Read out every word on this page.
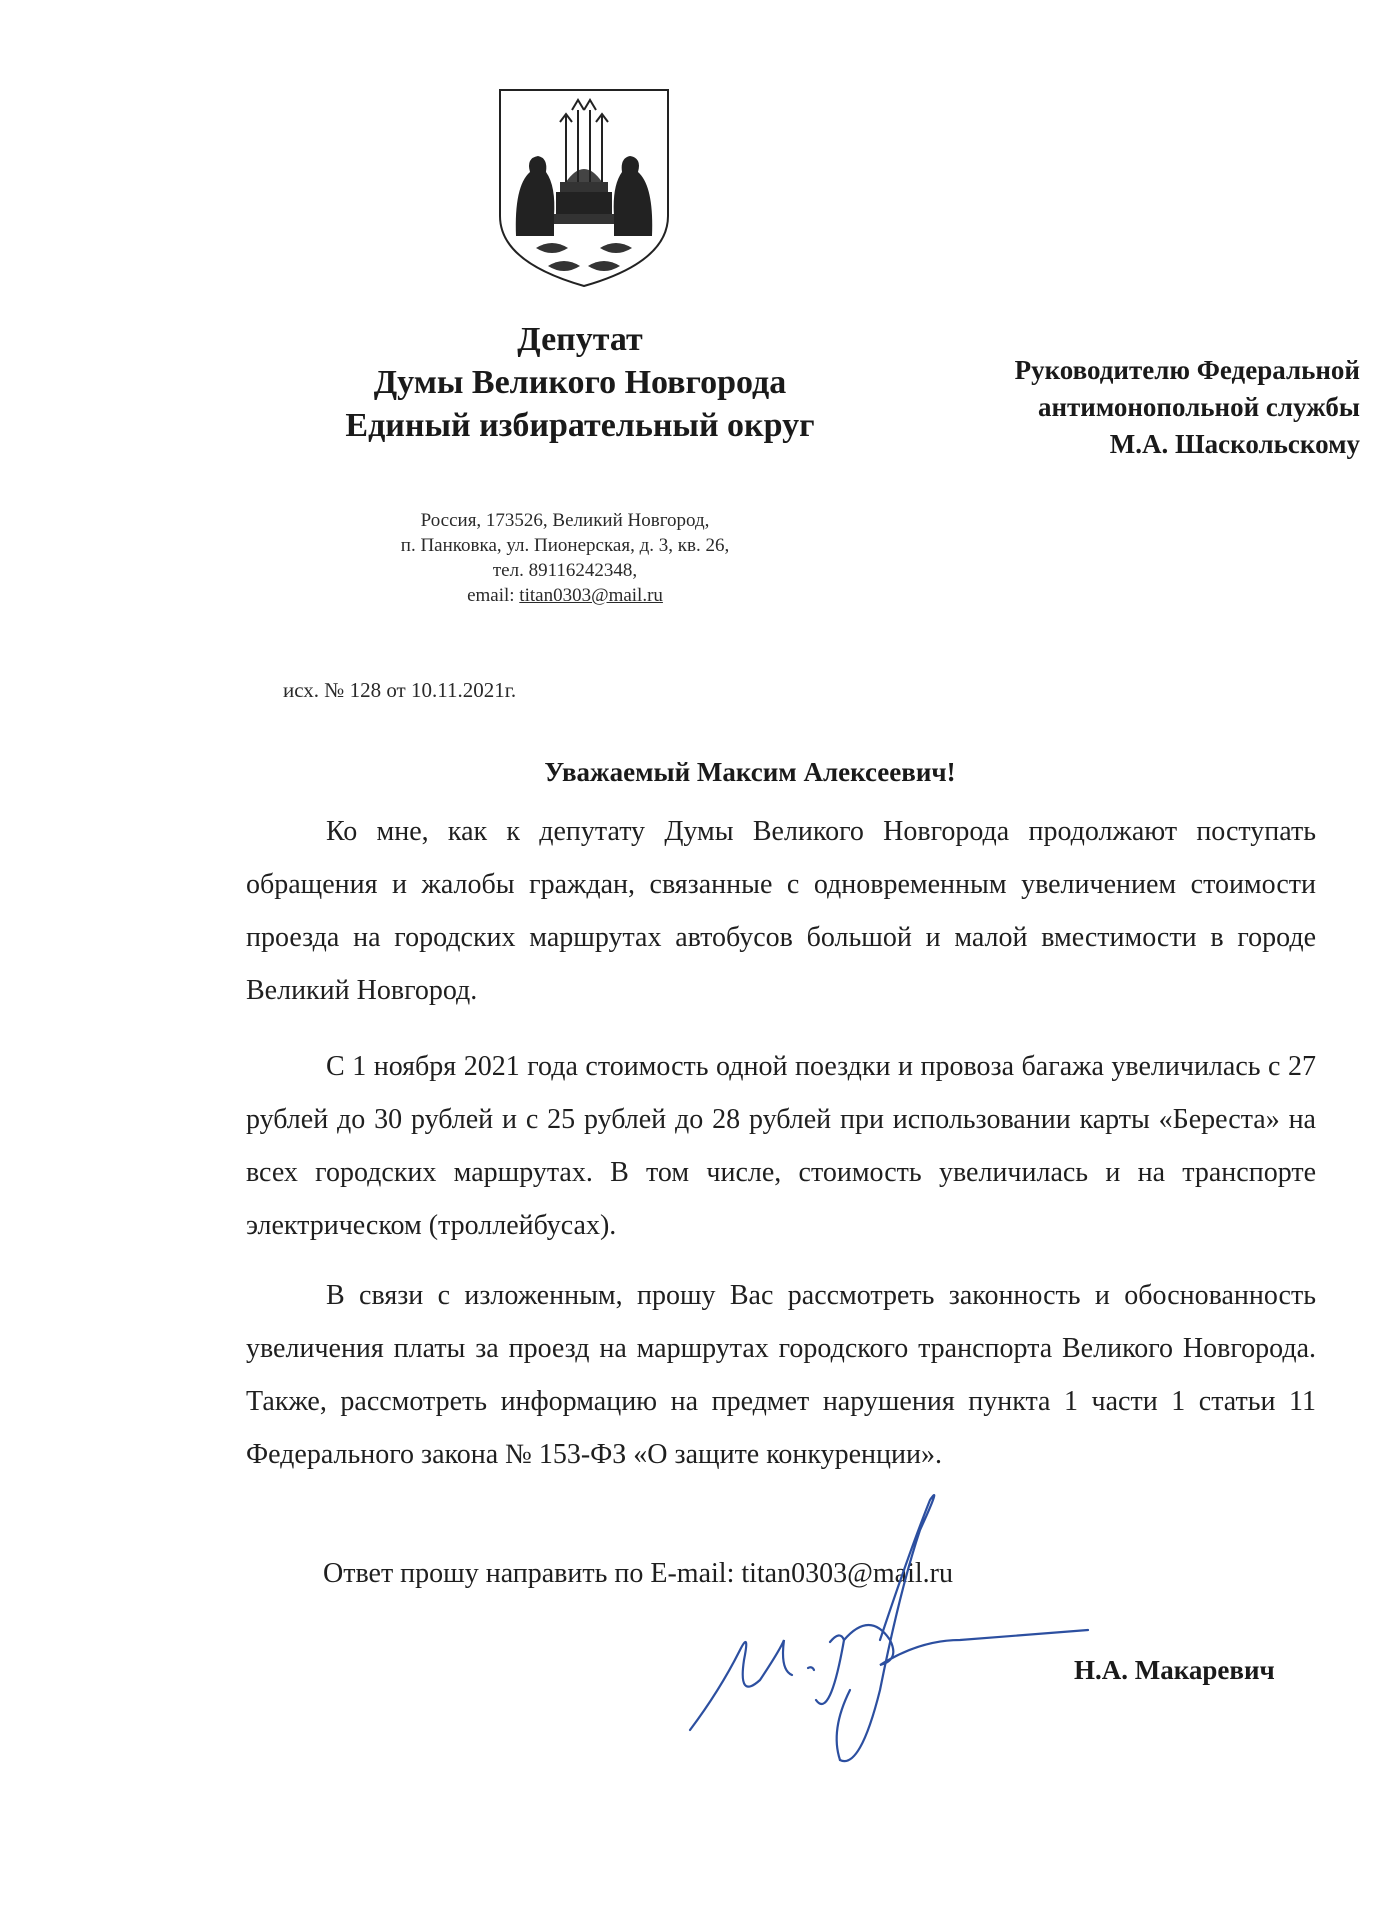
Депутат
Думы Великого Новгорода
Единый избирательный округ
Руководителю Федеральной
антимонопольной службы
М.А. Шаскольскому
Россия, 173526, Великий Новгород,
п. Панковка, ул. Пионерская, д. 3, кв. 26,
тел. 89116242348,
email: titan0303@mail.ru
исх. № 128 от 10.11.2021г.
Уважаемый Максим Алексеевич!
Ко мне, как к депутату Думы Великого Новгорода продолжают поступать обращения и жалобы граждан, связанные с одновременным увеличением стоимости проезда на городских маршрутах автобусов большой и малой вместимости в городе Великий Новгород.
С 1 ноября 2021 года стоимость одной поездки и провоза багажа увеличилась с 27 рублей до 30 рублей и с 25 рублей до 28 рублей при использовании карты «Береста» на всех городских маршрутах. В том числе, стоимость увеличилась и на транспорте электрическом (троллейбусах).
В связи с изложенным, прошу Вас рассмотреть законность и обоснованность увеличения платы за проезд на маршрутах городского транспорта Великого Новгорода. Также, рассмотреть информацию на предмет нарушения пункта 1 части 1 статьи 11 Федерального закона № 153-ФЗ «О защите конкуренции».
Ответ прошу направить по E-mail: titan0303@mail.ru
Н.А. Макаревич
